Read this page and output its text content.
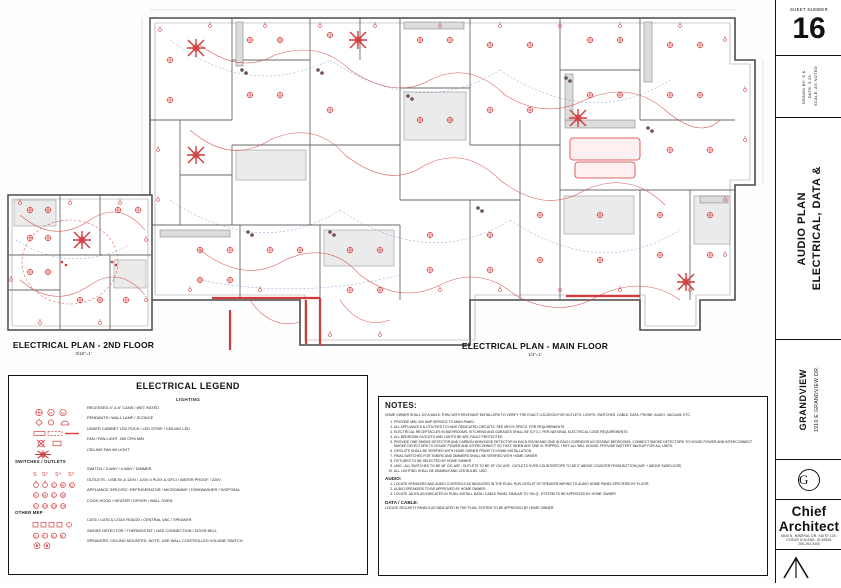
ELECTRICAL PLAN - 2ND FLOOR
3/16"=1'
ELECTRICAL PLAN - MAIN FLOOR
1/4"=1'
ELECTRICAL LEGEND
LIGHTING
R W
RECESSED 4" & 6" CANS / WET RATED
PENDANTS / WALL LAMP / SCONCE
UNDER CABINET LED PUCK / LED STRIP / CEILING LED
FAN / FAN LIGHT, 200 CFM MIN
CEILING FAN W/ LIGHT
SWITCHES / OUTLETS
S S³ S⁴ S⁰
SWITCH / 3-WAY / 4-WAY / DIMMER
G W 22
OUTLETS - USB 5V & 120V / 120V 4 PLEX & GFCI / WATER PROOF / 220V
R M D DP
APPLIANCE SPECIFIC: REFRIGERATOR / MICROWAVE / DISHWASHER / DISPOSAL
H HT DY OV
COOK HOOD / HEATER / DRYER / WALL OVEN
OTHER MEP
CAT6 / CAT5 & COAX RG6/20 / CENTRAL VAC / SPEAKER
S T G B
SMOKE DETECTOR / THERMOSTAT / GAS CONNECTION / DOOR BELL
SPEAKERS: CEILING MOUNTED, NOTE: USE WALL CONTROLLED VOLUME SWITCH
NOTES:
HOME OWNER SHALL DO A WALK-THRU WITH RELEVANT INSTALLERS TO VERIFY THE EXACT LOCATION FOR OUTLETS, LIGHTS, SWITCHES, CABLE, DATA, PHONE, AUDIO, VACUUM, ETC.
1. PROVIDE MIN. 400 AMP SERVICE TO MAIN PANEL
2. ALL APPLIANCES & UTILITIES TO HAVE DEDICATED CIRCUITS. SEE MFG'S SPECS. FOR REQUIREMENTS
3. ELECTRICAL RECEPTACLES IN BATHROOMS, KITCHENS AND GARAGES SHALL BE G.F.C.I. PER NATIONAL ELECTRICAL CODE REQUIREMENTS
4. ALL BEDROOM OUTLETS AND LIGHTS BE ARC FAULT PROTECTED
5. PROVIDE ONE SMOKE DETECTOR AND CARBON MONOXIDE DETECTOR IN EACH ROOM AND ONE IN EACH CORRIDOR ACCESSING BEDROOMS. CONNECT SMOKE DETECTORS TO HOUSE POWER AND INTERCONNECT SMOKE DETECTORS TO HOUSE POWER AND INTERCONNECT SO THAT, WHEN ANY ONE IS TRIPPED, THEY ALL WILL SOUND. PROVIDE BATTERY BACKUP FOR ALL UNITS
6. CIRCUITS SHALL BE VERIFIED WITH HOME OWNER PRIOR TO HOME INSTALLATION
7. FINAL SWITCHES FOR TIMERS AND DIMMERS SHALL BE VERIFIED WITH HOME OWNER
8. FIXTURES TO BE SELECTED BY HOME OWNER
9. UNO - ALL SWITCHES TO BE 48" O/C ASF., OUTLETS TO BE 19" O/C ASF., OUTLETS OVER COUNTERTOPS TO BE 3" ABOVE COUNTER FROM BOTTOM (ASF + ABOVE SUBFLOOR)
10. ALL LIGHTING SHALL BE DIMABLE AND LED BULBS, UNO
AUDIO:
1. LOCATE SPEAKERS AND AUDIO CONTROLS AS INDICATED IN THE PLAN, RUN CIRCUIT OF SPEAKER WIRING TO AUDIO HOME PANEL SPECIFIED BY FLOOR.
2. AUDIO SPEAKERS TO BE APPROVED BY HOME OWNER.
3. LOCATE JACKS AS INDICATED IN PLAN, INSTALL DATA / CABLE PANEL SIMILAR TO 'ON-Q'. SYSTEM TO BE APPROVED BY HOME OWNER.
DATA / CABLE:
LOCATE SECURITY PANELS AS INDICATED IN THE PLAN, SYSTEM TO BE APPROVED BY HOME OWNER.
SHEET NUMBER
16
SCALE: AS NOTED
DATE: 3.29
DRAWN BY: S.K.
ELECTRICAL, DATA &
AUDIO PLAN
1910 E GRANDVIEW DR.
GRANDVIEW
G
Chief Architect
6500 N. MINERAL DR. SUITE 100, COEUR D'ALENE, ID 83815
208.292.3400
